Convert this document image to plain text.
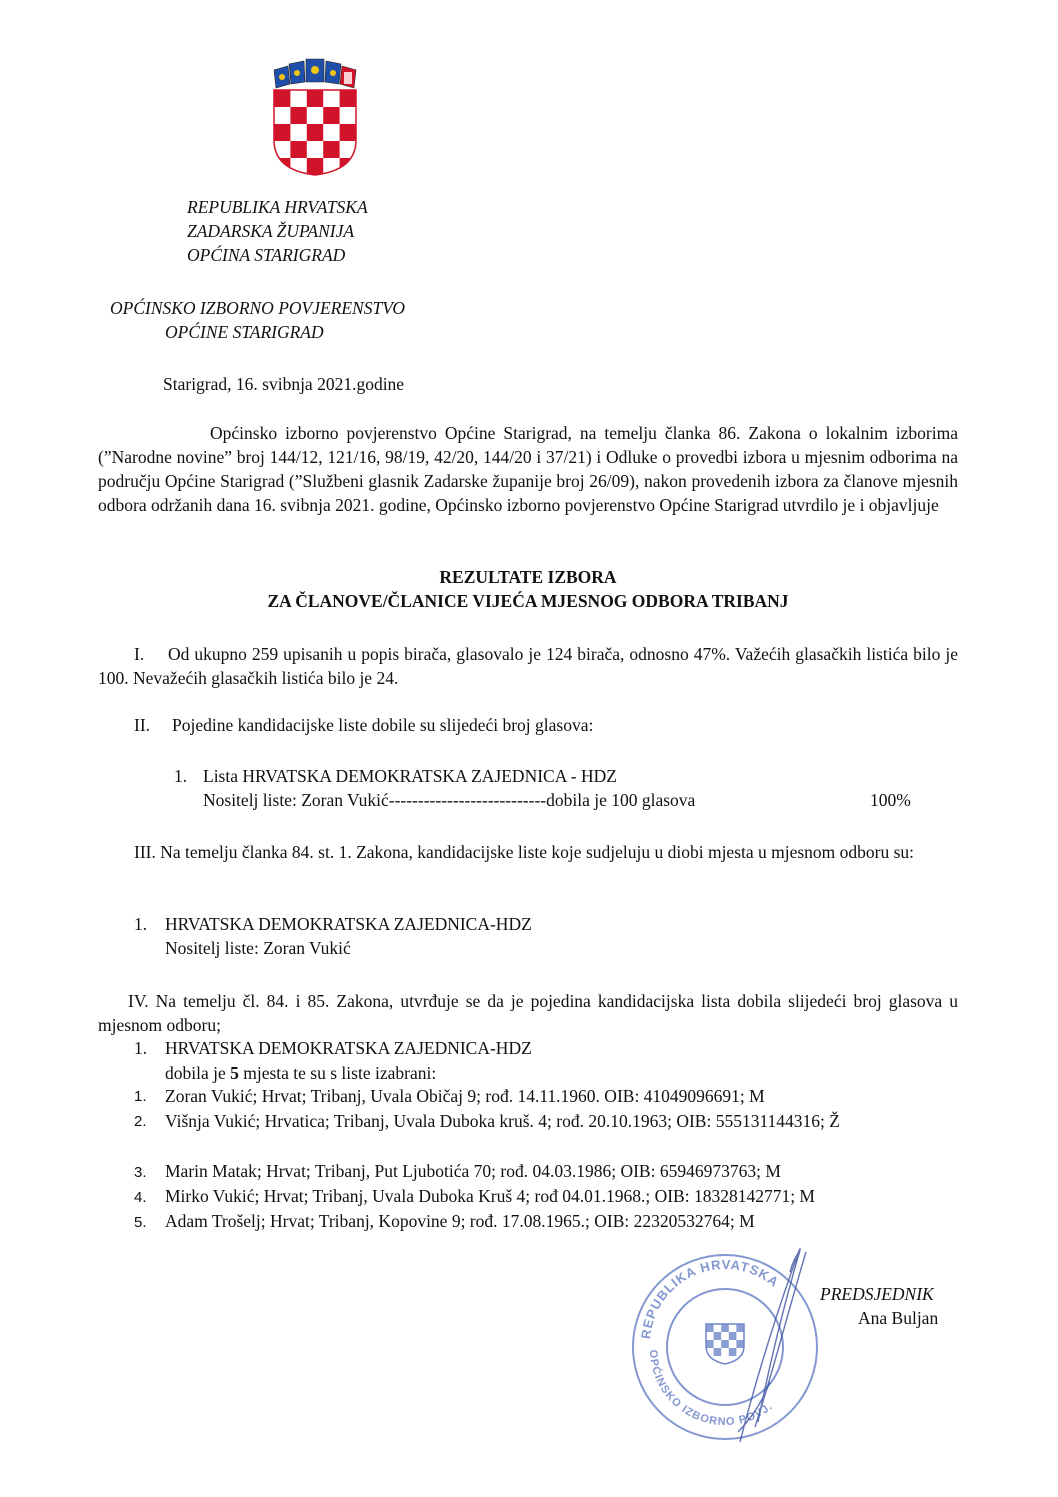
REPUBLIKA HRVATSKA
ZADARSKA ŽUPANIJA
OPĆINA STARIGRAD
OPĆINSKO IZBORNO POVJERENSTVO
OPĆINE STARIGRAD
Starigrad, 16. svibnja 2021.godine
Općinsko izborno povjerenstvo Općine Starigrad, na temelju članka 86. Zakona o lokalnim izborima (”Narodne novine” broj 144/12, 121/16, 98/19, 42/20, 144/20 i 37/21) i Odluke o provedbi izbora u mjesnim odborima na području Općine Starigrad (”Službeni glasnik Zadarske županije broj 26/09), nakon provedenih izbora za članove mjesnih odbora održanih dana 16. svibnja 2021. godine, Općinsko izborno povjerenstvo Općine Starigrad utvrdilo je i objavljuje
REZULTATE IZBORA
ZA ČLANOVE/ČLANICE VIJEĆA MJESNOG ODBORA TRIBANJ
I.	Od ukupno 259 upisanih u popis birača, glasovalo je 124 birača, odnosno 47%. Važećih glasačkih listića bilo je 100. Nevažećih glasačkih listića bilo je 24.
II. Pojedine kandidacijske liste dobile su slijedeći broj glasova:
1. Lista HRVATSKA DEMOKRATSKA ZAJEDNICA - HDZ
Nositelj liste: Zoran Vukić---------------------------dobila je 100 glasova	100%
III. Na temelju članka 84. st. 1. Zakona, kandidacijske liste koje sudjeluju u diobi mjesta u mjesnom odboru su:
1. HRVATSKA DEMOKRATSKA ZAJEDNICA-HDZ
Nositelj liste: Zoran Vukić
IV. Na temelju čl. 84. i 85. Zakona, utvrđuje se da je pojedina kandidacijska lista dobila slijedeći broj glasova u mjesnom odboru;
1. HRVATSKA DEMOKRATSKA ZAJEDNICA-HDZ
dobila je 5 mjesta te su s liste izabrani:
1. Zoran Vukić; Hrvat; Tribanj, Uvala Običaj 9; rođ. 14.11.1960. OIB: 41049096691; M
2. Višnja Vukić; Hrvatica; Tribanj, Uvala Duboka kruš. 4; rođ. 20.10.1963; OIB: 555131144316; Ž
3. Marin Matak; Hrvat; Tribanj, Put Ljubotića 70; rođ. 04.03.1986; OIB: 65946973763; M
4. Mirko Vukić; Hrvat; Tribanj, Uvala Duboka Kruš 4; rođ 04.01.1968.; OIB: 18328142771; M
5. Adam Trošelj; Hrvat; Tribanj, Kopovine 9; rođ. 17.08.1965.; OIB: 22320532764; M
REPUBLIKA HRVATSKA
OPĆINSKO IZBORNO POVJ.
PREDSJEDNIK
Ana Buljan
